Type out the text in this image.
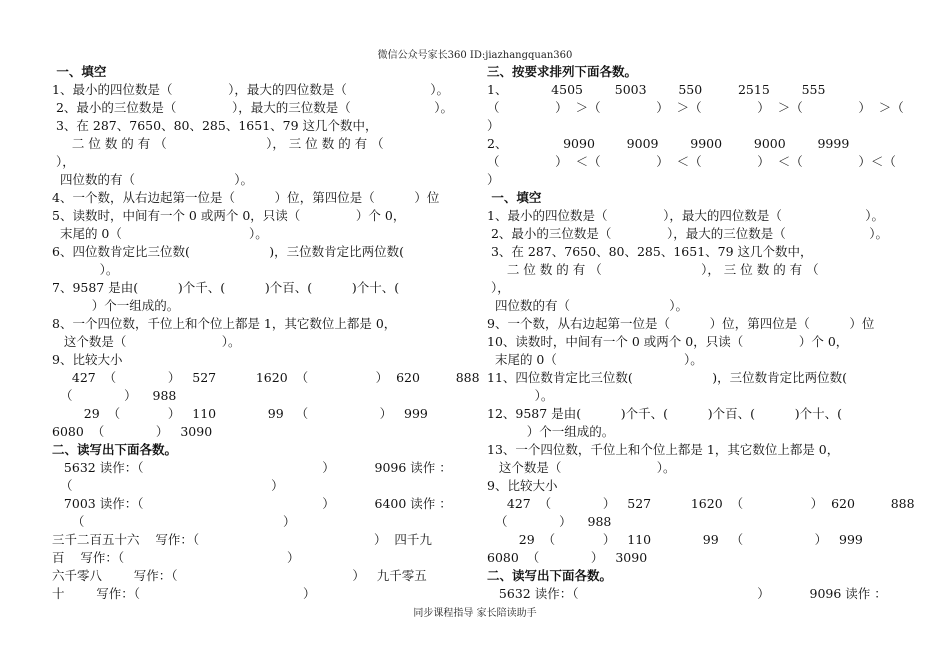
微信公众号家长360 ID:jiazhangquan360
一、填空
1、最小的四位数是（              ），最大的四位数是（                     ）。
2、最小的三位数是（              ），最大的三位数是（                     ）。
3、在 287、7650、80、285、1651、79 这几个数中，
二 位 数 的 有 （                         ）， 三 位 数 的 有 （
），
四位数的有（                         ）。
4、一个数，从右边起第一位是（          ）位，第四位是（          ）位
5、读数时，中间有一个 0 或两个 0，只读（              ）个 0，
末尾的 0（                                ）。
6、四位数肯定比三位数(                    )，三位数肯定比两位数(
）。
7、9587 是由(          )个千、(          )个百、(          )个十、(
）个一组成的。
8、一个四位数，千位上和个位上都是 1，其它数位上都是 0，
这个数是（                        ）。
9、比较大小
427  （             ）   527          1620  （                 ）  620         888
（             ）    988
29  （            ）   110             99   （                  ）   999
6080  （             ）   3090
二、读写出下面各数。
5632 读作：（                                             ）          9096 读作 ：
（                                                  ）
7003 读作：（                                             ）          6400 读作 ：
（                                                  ）
三千二百五十六    写作：（                                            ）  四千九
百    写作：（                                         ）
六千零八        写作：（                                            ）   九千零五
十        写作：（                                         ）
三、按要求排列下面各数。
1、           4505        5003        550         2515        555
（              ）  ＞（              ）  ＞（              ）  ＞（              ）  ＞（
）
2、              9090        9009        9900        9000        9999
（              ）  ＜（              ）  ＜（              ）  ＜（              ）＜（
）
一、填空
1、最小的四位数是（              ），最大的四位数是（                     ）。
2、最小的三位数是（              ），最大的三位数是（                     ）。
3、在 287、7650、80、285、1651、79 这几个数中，
二 位 数 的 有 （                         ）， 三 位 数 的 有 （
），
四位数的有（                         ）。
9、一个数，从右边起第一位是（          ）位，第四位是（          ）位
10、读数时，中间有一个 0 或两个 0，只读（              ）个 0，
末尾的 0（                                ）。
11、四位数肯定比三位数(                    )，三位数肯定比两位数(
）。
12、9587 是由(          )个千、(          )个百、(          )个十、(
）个一组成的。
13、一个四位数，千位上和个位上都是 1，其它数位上都是 0，
这个数是（                        ）。
9、比较大小
427  （             ）   527          1620  （                 ）  620         888
（             ）    988
29  （            ）   110             99   （                  ）   999
6080  （             ）   3090
二、读写出下面各数。
5632 读作：（                                             ）          9096 读作 ：
同步课程指导 家长陪读助手
